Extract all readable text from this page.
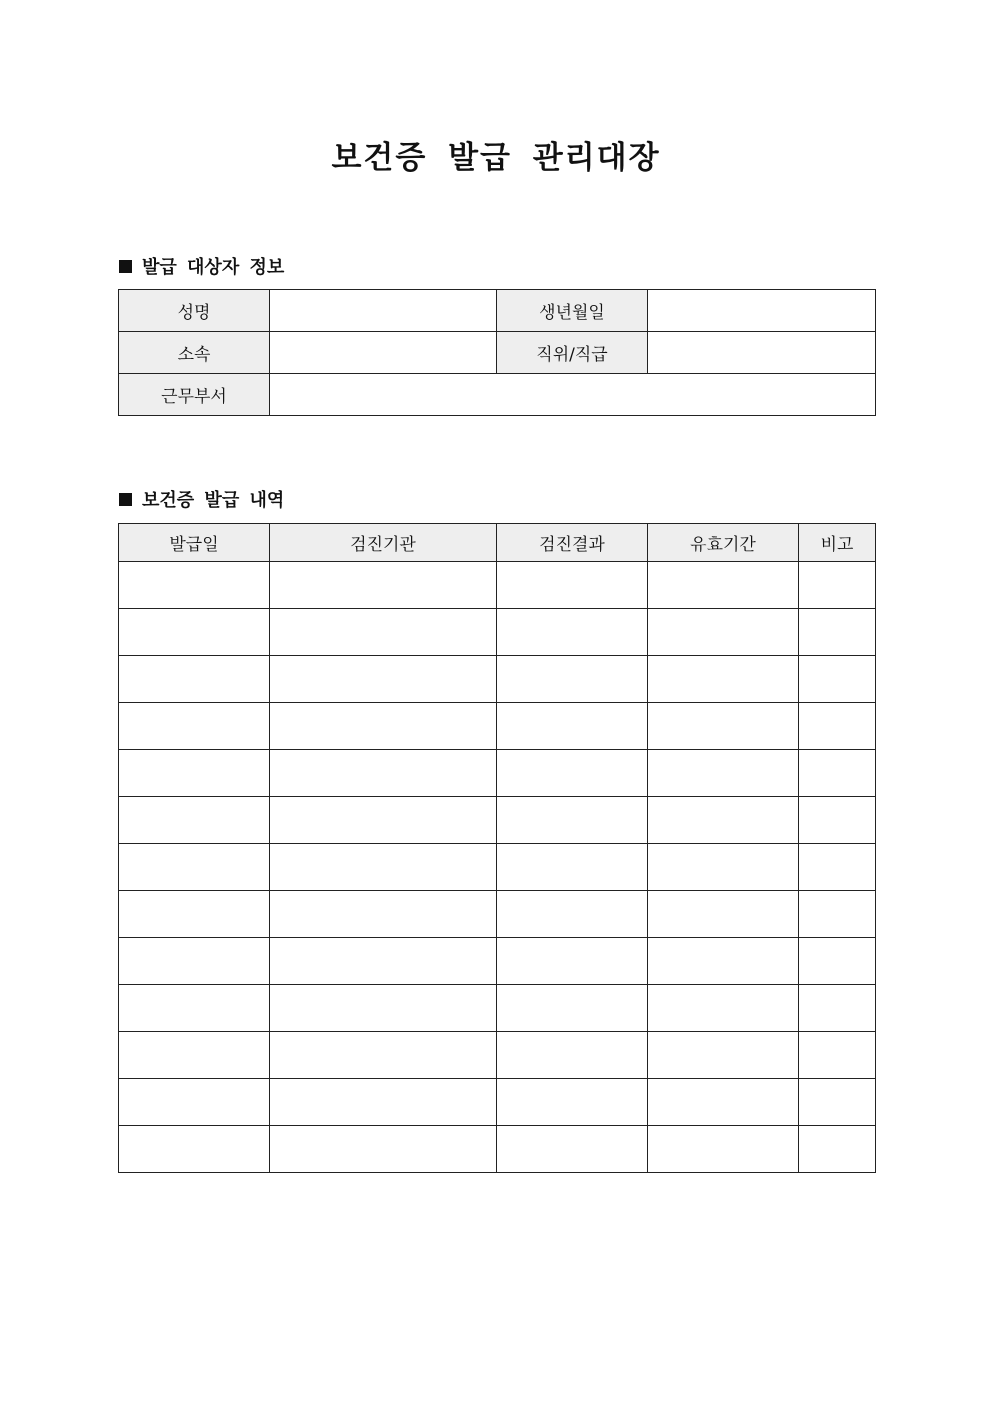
보건증 발급 관리대장
발급 대상자 정보
성명		생년월일	
소속		직위/직급	
근무부서			
보건증 발급 내역
발급일	검진기관	검진결과	유효기간	비고
